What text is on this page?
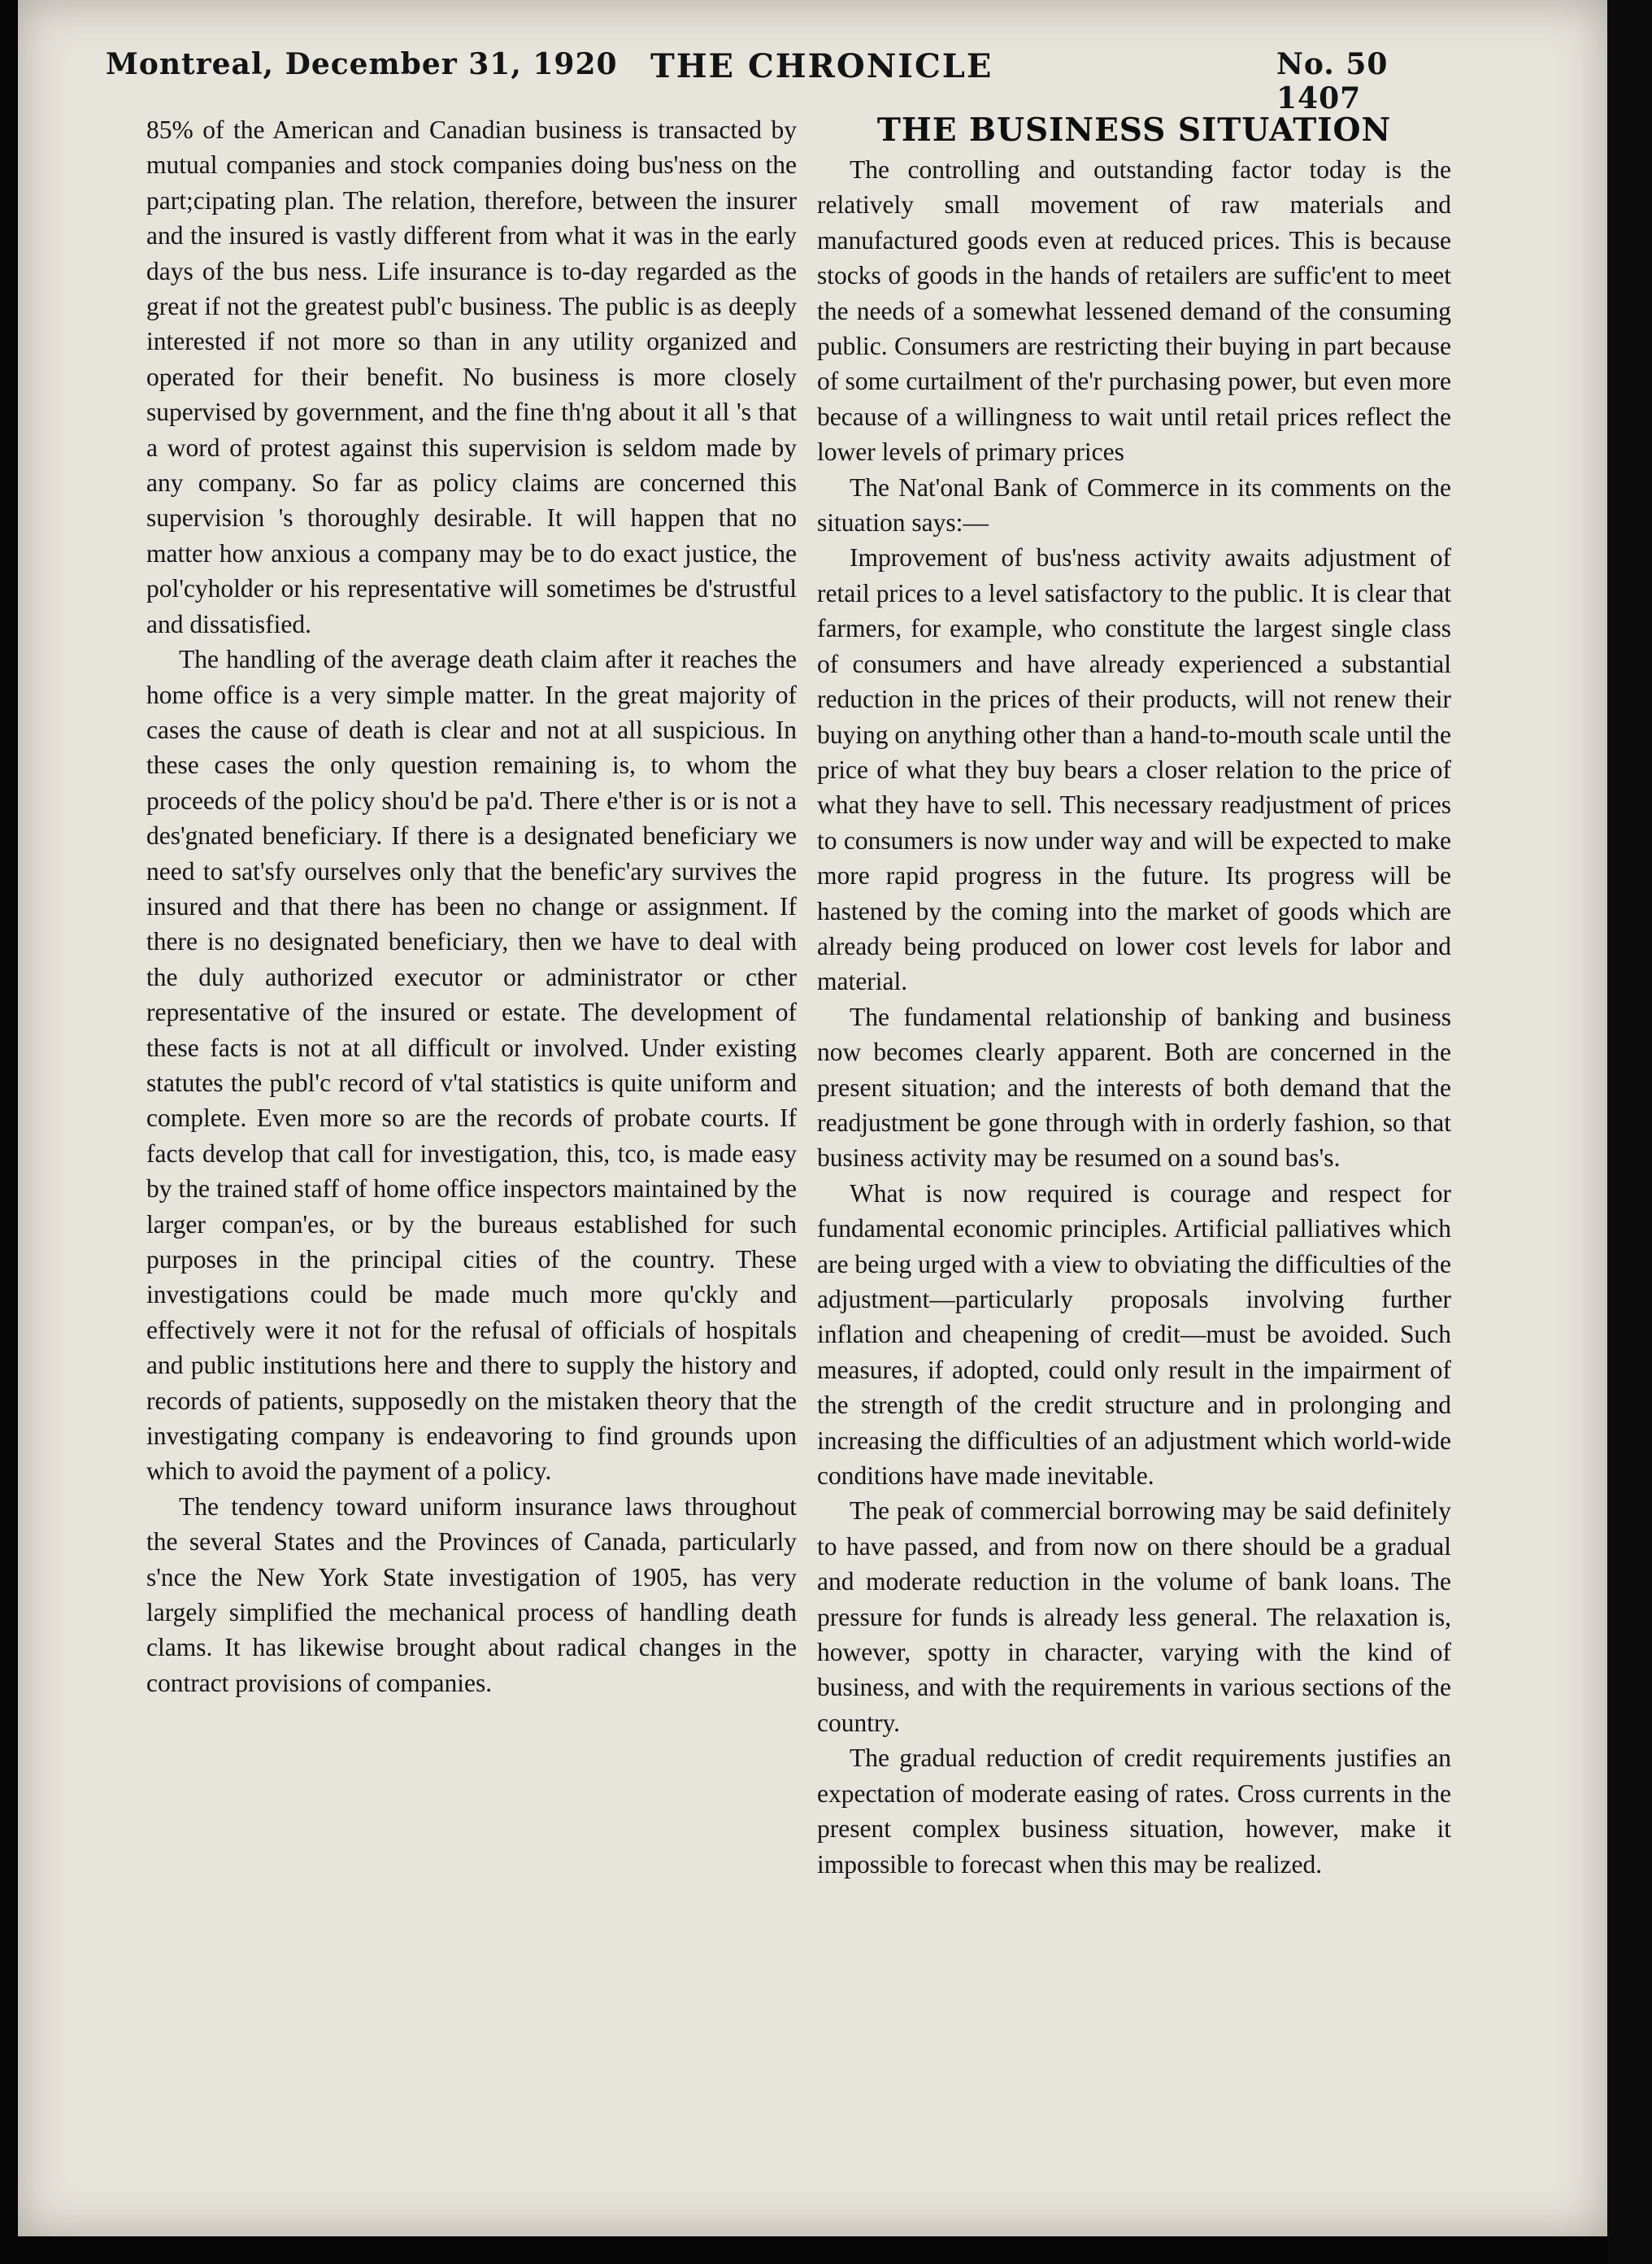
Montreal, December 31, 1920 THE CHRONICLE	No. 50 1407

85% of the American and Canadian business is transacted by mutual companies and stock companies doing bus'ness on the part;cipating plan. The relation, therefore, between the insurer and the insured is vastly different from what it was in the early days of the bus ness. Life insurance is to-day regarded as the great if not the greatest publ'c business. The public is as deeply interested if not more so than in any utility organized and operated for their benefit. No business is more closely supervised by government, and the fine th'ng about it all 's that a word of protest against this supervision is seldom made by any company. So far as policy claims are concerned this supervision 's thoroughly desirable. It will happen that no matter how anxious a company may be to do exact justice, the pol'cyholder or his representative will sometimes be d'strustful and dissatisfied.

The handling of the average death claim after it reaches the home office is a very simple matter. In the great majority of cases the cause of death is clear and not at all suspicious. In these cases the only question remaining is, to whom the proceeds of the policy shou'd be pa'd. There e'ther is or is not a des'gnated beneficiary. If there is a designated beneficiary we need to sat'sfy ourselves only that the benefic'ary survives the insured and that there has been no change or assignment. If there is no designated beneficiary, then we have to deal with the duly authorized executor or administrator or cther representative of the insured or estate. The development of these facts is not at all difficult or involved. Under existing statutes the publ'c record of v'tal statistics is quite uniform and complete. Even more so are the records of probate courts. If facts develop that call for investigation, this, tco, is made easy by the trained staff of home office inspectors maintained by the larger compan'es, or by the bureaus established for such purposes in the principal cities of the country. These investigations could be made much more qu'ckly and effectively were it not for the refusal of officials of hospitals and public institutions here and there to supply the history and records of patients, supposedly on the mistaken theory that the investigating company is endeavoring to find grounds upon which to avoid the payment of a policy.

The tendency toward uniform insurance laws throughout the several States and the Provinces of Canada, particularly s'nce the New York State investigation of 1905, has very largely simplified the mechanical process of handling death clams. It has likewise brought about radical changes in the contract provisions of companies.

THE BUSINESS SITUATION

The controlling and outstanding factor today is the relatively small movement of raw materials and manufactured goods even at reduced prices. This is because stocks of goods in the hands of retailers are suffic'ent to meet the needs of a somewhat lessened demand of the consuming public. Consumers are restricting their buying in part because of some curtailment of the'r purchasing power, but even more because of a willingness to wait until retail prices reflect the lower levels of primary prices

The Nat'onal Bank of Commerce in its comments on the situation says:—

Improvement of bus'ness activity awaits adjustment of retail prices to a level satisfactory to the public. It is clear that farmers, for example, who constitute the largest single class of consumers and have already experienced a substantial reduction in the prices of their products, will not renew their buying on anything other than a hand-to-mouth scale until the price of what they buy bears a closer relation to the price of what they have to sell. This necessary readjustment of prices to consumers is now under way and will be expected to make more rapid progress in the future. Its progress will be hastened by the coming into the market of goods which are already being produced on lower cost levels for labor and material.

The fundamental relationship of banking and business now becomes clearly apparent. Both are concerned in the present situation; and the interests of both demand that the readjustment be gone through with in orderly fashion, so that business activity may be resumed on a sound bas's.

What is now required is courage and respect for fundamental economic principles. Artificial palliatives which are being urged with a view to obviating the difficulties of the adjustment—particularly proposals involving further inflation and cheapening of credit—must be avoided. Such measures, if adopted, could only result in the impairment of the strength of the credit structure and in prolonging and increasing the difficulties of an adjustment which world-wide conditions have made inevitable.

The peak of commercial borrowing may be said definitely to have passed, and from now on there should be a gradual and moderate reduction in the volume of bank loans. The pressure for funds is already less general. The relaxation is, however, spotty in character, varying with the kind of business, and with the requirements in various sections of the country.

The gradual reduction of credit requirements justifies an expectation of moderate easing of rates. Cross currents in the present complex business situation, however, make it impossible to forecast when this may be realized.
